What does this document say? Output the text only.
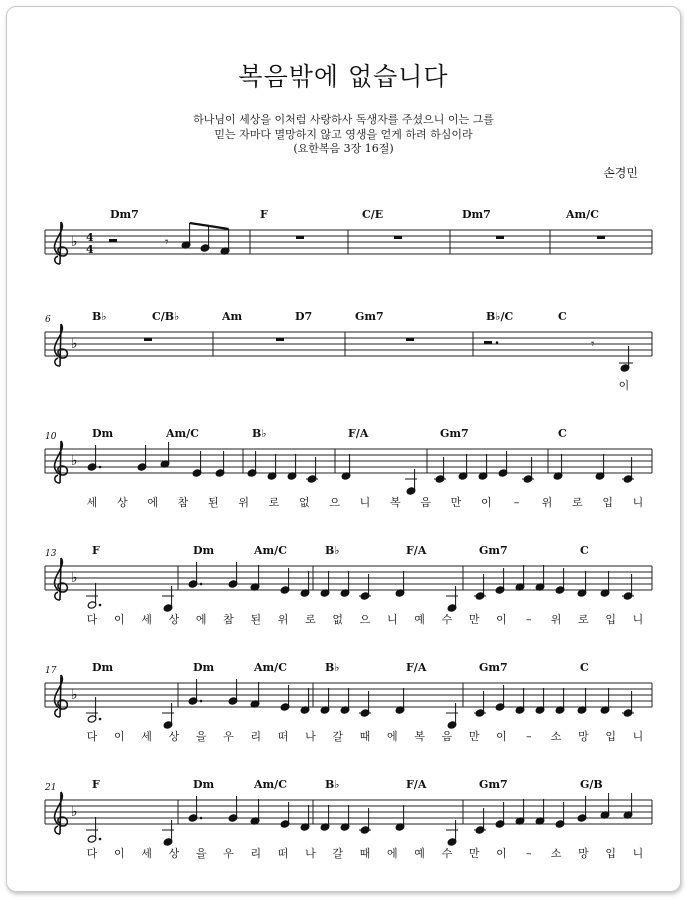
복음밖에 없습니다
하나님이 세상을 이처럼 사랑하사 독생자를 주셨으니 이는 그를
믿는 자마다 멸망하지 않고 영생을 얻게 하려 하심이라
(요한복음 3장 16절)
손경민
♭ 4
4
Dm7	F	C/E	Dm7	Am/C
♭
6	B♭	C/B♭	Am	D7	Gm7	B♭/C	C
이
♭
10	Dm	Am/C	B♭	F/A	Gm7	C
세 상 에 참 된 위 로 없 으 니 복 음 만 이 – 위 로 입 니
♭
13	F	Dm	Am/C	B♭	F/A	Gm7	C
다 이 세 상 에 참 된 위 로 없 으 니 예 수 만 이 – 위 로 입 니
♭
17	Dm	Dm	Am/C	B♭	F/A	Gm7	C
다 이 세 상 을 우 리 떠 나 갈 때 에 복 음 만 이 – 소 망 입 니
♭
21	F	Dm	Am/C	B♭	F/A	Gm7	G/B
다 이 세 상 을 우 리 떠 나 갈 때 에 예 수 만 이 – 소 망 입 니
𝄾
𝄾
